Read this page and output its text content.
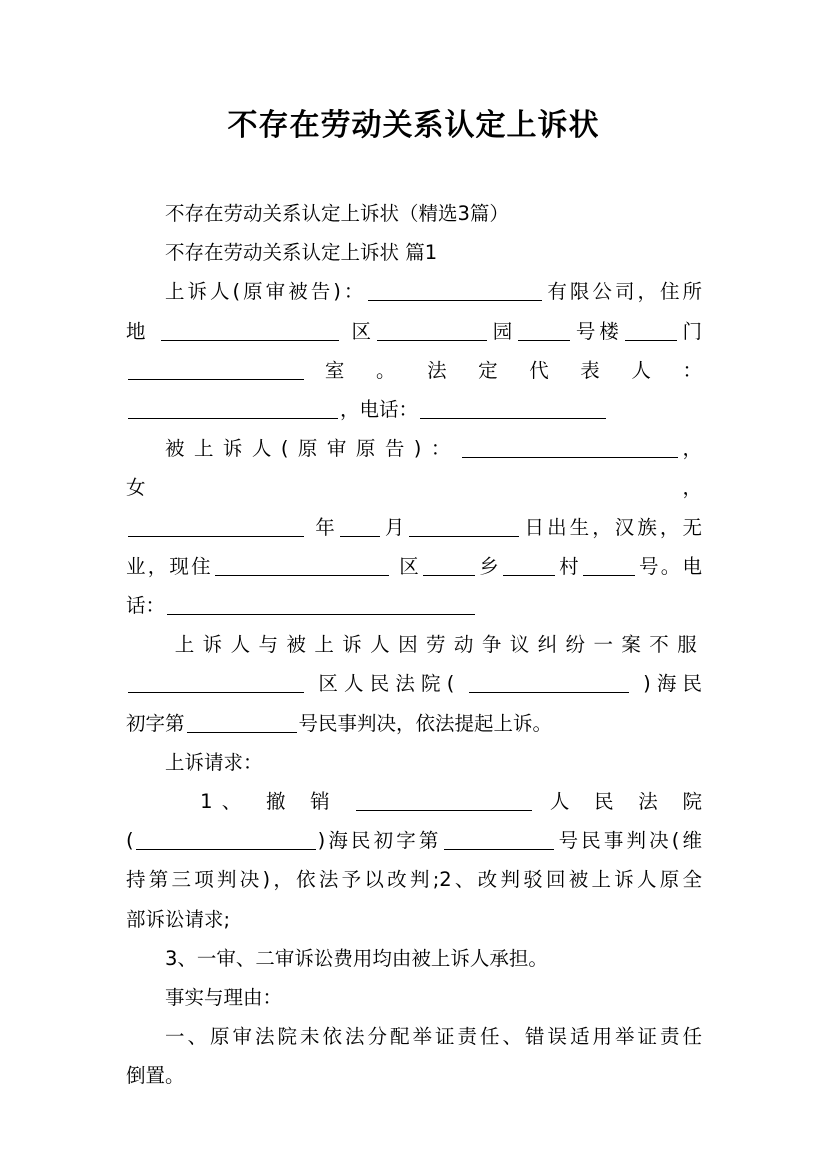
不存在劳动关系认定上诉状

不存在劳动关系认定上诉状（精选3篇）

不存在劳动关系认定上诉状 篇1

上诉人(原审被告)：	有限公司，住所
地	区	园	号楼	门
室 。 法 定 代 表 人 ：
，电话：
被上诉人(原审原告)：	，女，
年 月	日出生，汉族，无
业，现住	区	乡	村	号。电
话：
上诉人与被上诉人因劳动争议纠纷一案不服
区人民法院(	)海民
初字第	号民事判决，依法提起上诉。

上诉请求：

1、 撤 销	人 民 法 院
(	)海民初字第	号民事判决(维
持第三项判决)，依法予以改判;2、改判驳回被上诉人原全
部诉讼请求;

3、一审、二审诉讼费用均由被上诉人承担。

事实与理由：

一、原审法院未依法分配举证责任、错误适用举证责任

倒置。
